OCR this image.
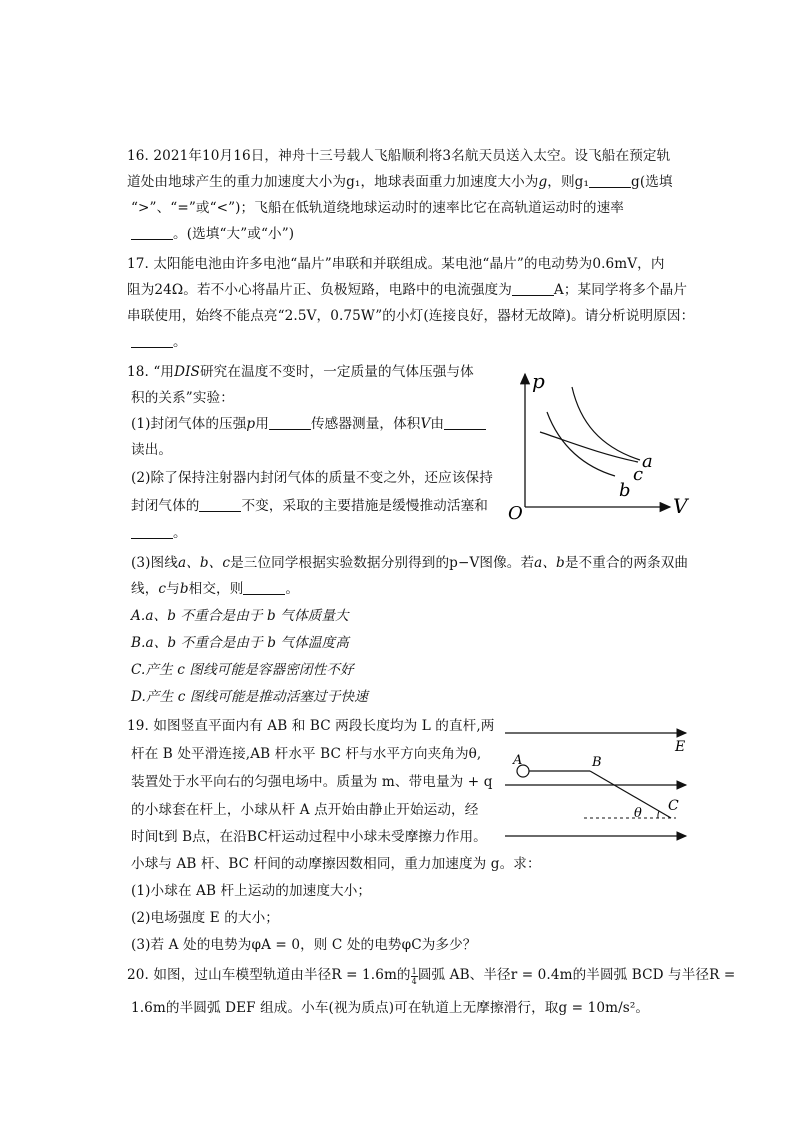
16. 2021年10月16日，神舟十三号载人飞船顺利将3名航天员送入太空。设飞船在预定轨
道处由地球产生的重力加速度大小为g₁，地球表面重力加速度大小为g，则g₁	g(选填
“>”、“=”或“<”)；飞船在低轨道绕地球运动时的速率比它在高轨道运动时的速率
。(选填“大”或“小”)
17. 太阳能电池由许多电池“晶片”串联和并联组成。某电池“晶片”的电动势为0.6mV，内
阻为24Ω。若不小心将晶片正、负极短路，电路中的电流强度为	A；某同学将多个晶片
串联使用，始终不能点亮“2.5V，0.75W”的小灯(连接良好，器材无故障)。请分析说明原因：
。
18. “用DIS研究在温度不变时，一定质量的气体压强与体
积的关系”实验：
(1)封闭气体的压强p用	传感器测量，体积V由
读出。
(2)除了保持注射器内封闭气体的质量不变之外，还应该保持
封闭气体的	不变，采取的主要措施是缓慢推动活塞和
。
(3)图线a、b、c是三位同学根据实验数据分别得到的p−V图像。若a、b是不重合的两条双曲
线，c与b相交，则	。
A.a、b 不重合是由于 b 气体质量大
B.a、b 不重合是由于 b 气体温度高
C.产生 c 图线可能是容器密闭性不好
D.产生 c 图线可能是推动活塞过于快速
p
V
O
a
c
b
19. 如图竖直平面内有 AB 和 BC 两段长度均为 L 的直杆,两
杆在 B 处平滑连接,AB 杆水平 BC 杆与水平方向夹角为θ,
装置处于水平向右的匀强电场中。质量为 m、带电量为 + q
的小球套在杆上，小球从杆 A 点开始由静止开始运动，经
时间t到 B点，在沿BC杆运动过程中小球未受摩擦力作用。
小球与 AB 杆、BC 杆间的动摩擦因数相同，重力加速度为 g。求：
(1)小球在 AB 杆上运动的加速度大小；
(2)电场强度 E 的大小；
(3)若 A 处的电势为φA = 0，则 C 处的电势φC为多少？
E
A	B
C
θ
20. 如图，过山车模型轨道由半径R = 1.6m的 $\frac{1}{4}$ 圆弧 AB、半径r = 0.4m的半圆弧 BCD 与半径R =
1.6m的半圆弧 DEF 组成。小车(视为质点)可在轨道上无摩擦滑行，取g = 10m/s²。
